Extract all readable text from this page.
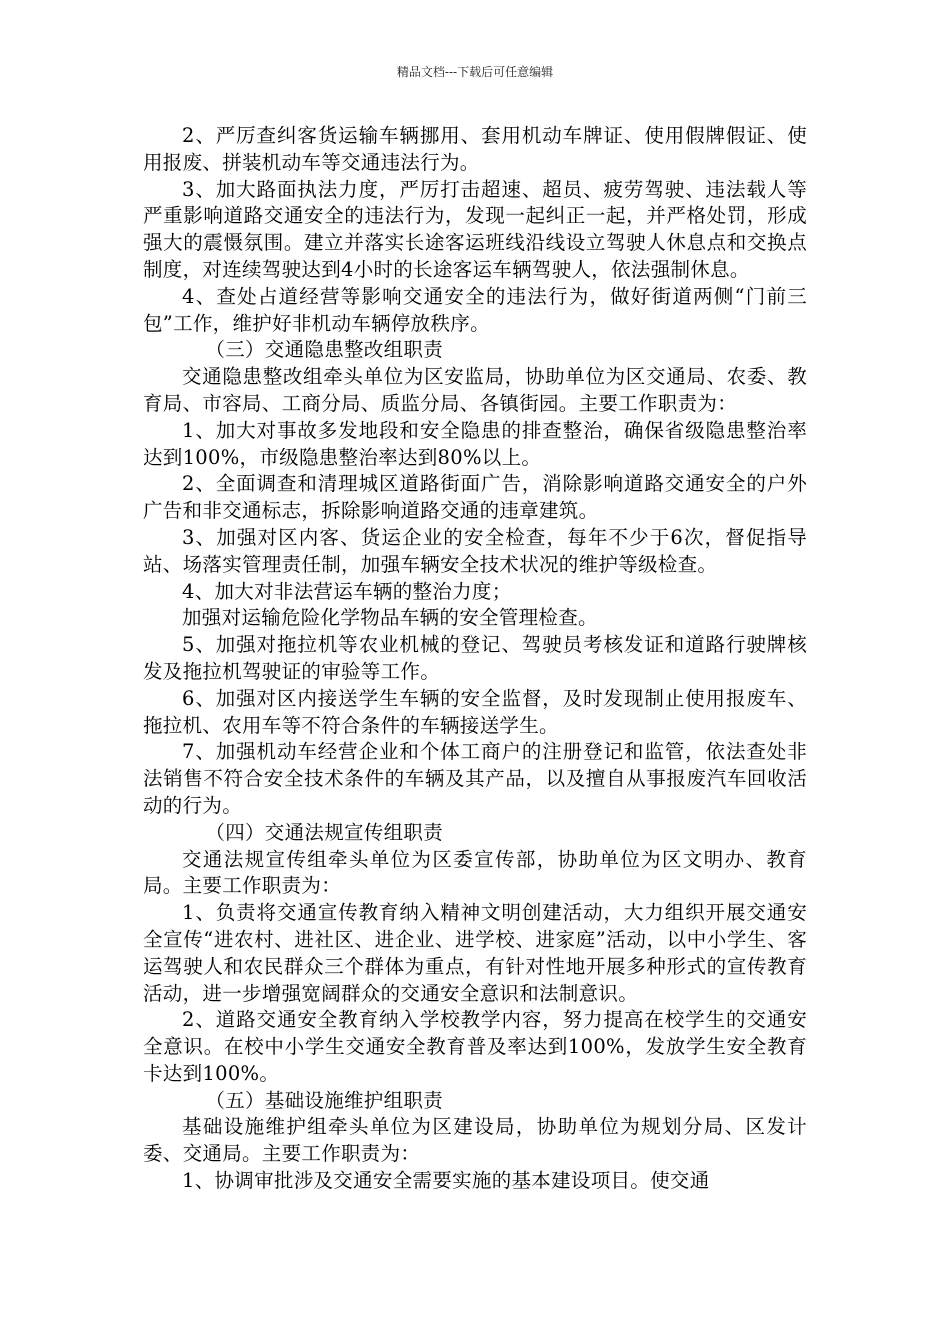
精品文档---下载后可任意编辑

2、严厉查纠客货运输车辆挪用、套用机动车牌证、使用假牌假证、使用报废、拼装机动车等交通违法行为。

3、加大路面执法力度，严厉打击超速、超员、疲劳驾驶、违法载人等严重影响道路交通安全的违法行为，发现一起纠正一起，并严格处罚，形成强大的震慑氛围。建立并落实长途客运班线沿线设立驾驶人休息点和交换点制度，对连续驾驶达到4小时的长途客运车辆驾驶人，依法强制休息。

4、查处占道经营等影响交通安全的违法行为，做好街道两侧“门前三包”工作，维护好非机动车辆停放秩序。

（三）交通隐患整改组职责

交通隐患整改组牵头单位为区安监局，协助单位为区交通局、农委、教育局、市容局、工商分局、质监分局、各镇街园。主要工作职责为：

1、加大对事故多发地段和安全隐患的排查整治，确保省级隐患整治率达到100%，市级隐患整治率达到80%以上。

2、全面调查和清理城区道路街面广告，消除影响道路交通安全的户外广告和非交通标志，拆除影响道路交通的违章建筑。

3、加强对区内客、货运企业的安全检查，每年不少于6次，督促指导站、场落实管理责任制，加强车辆安全技术状况的维护等级检查。

4、加大对非法营运车辆的整治力度；

加强对运输危险化学物品车辆的安全管理检查。

5、加强对拖拉机等农业机械的登记、驾驶员考核发证和道路行驶牌核发及拖拉机驾驶证的审验等工作。

6、加强对区内接送学生车辆的安全监督，及时发现制止使用报废车、拖拉机、农用车等不符合条件的车辆接送学生。

7、加强机动车经营企业和个体工商户的注册登记和监管，依法查处非法销售不符合安全技术条件的车辆及其产品，以及擅自从事报废汽车回收活动的行为。

（四）交通法规宣传组职责

交通法规宣传组牵头单位为区委宣传部，协助单位为区文明办、教育局。主要工作职责为：

1、负责将交通宣传教育纳入精神文明创建活动，大力组织开展交通安全宣传“进农村、进社区、进企业、进学校、进家庭”活动，以中小学生、客运驾驶人和农民群众三个群体为重点，有针对性地开展多种形式的宣传教育活动，进一步增强宽阔群众的交通安全意识和法制意识。

2、道路交通安全教育纳入学校教学内容，努力提高在校学生的交通安全意识。在校中小学生交通安全教育普及率达到100%，发放学生安全教育卡达到100%。

（五）基础设施维护组职责

基础设施维护组牵头单位为区建设局，协助单位为规划分局、区发计委、交通局。主要工作职责为：

1、协调审批涉及交通安全需要实施的基本建设项目。使交通
